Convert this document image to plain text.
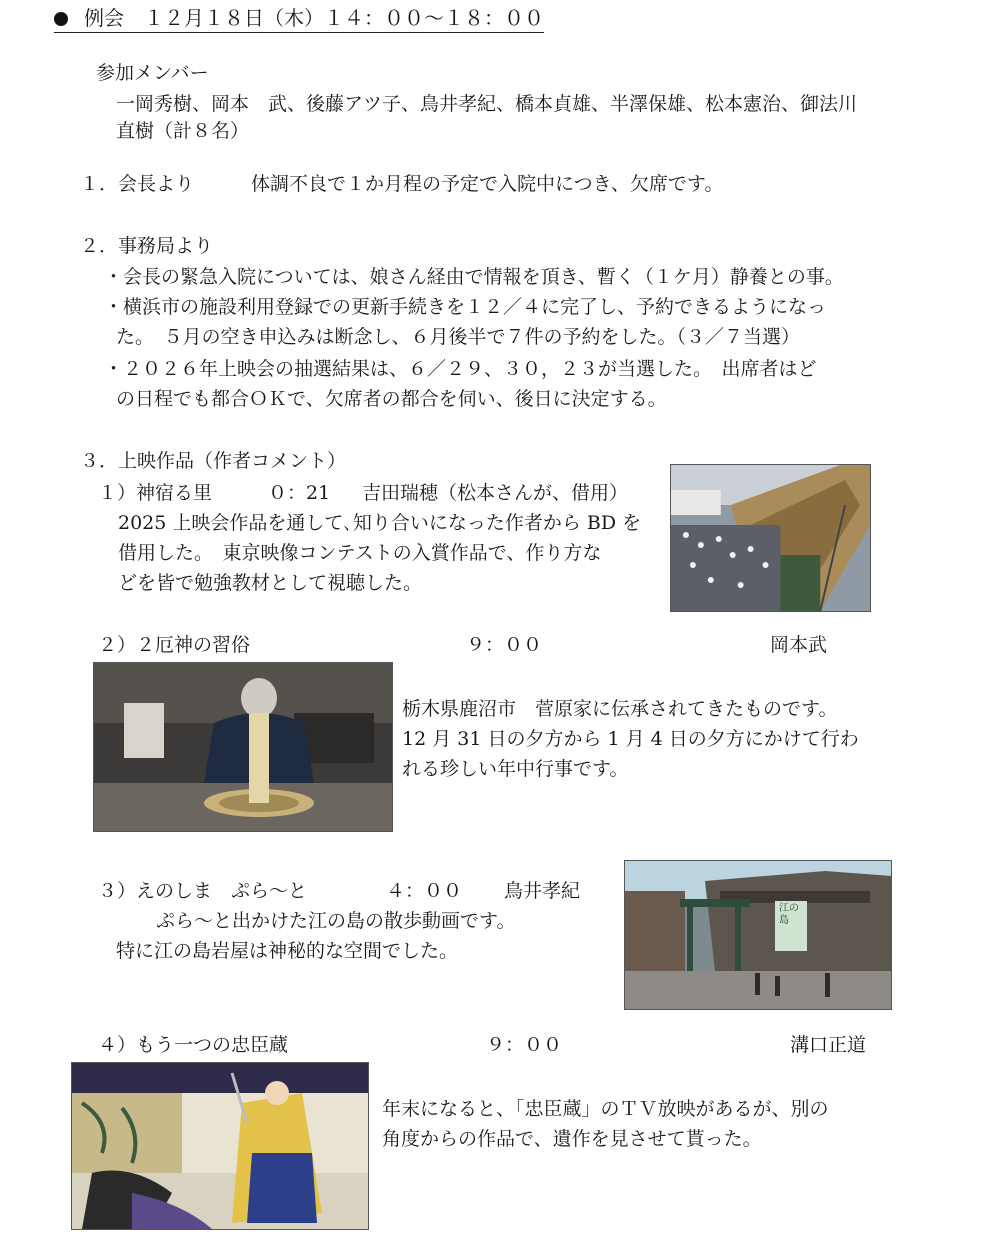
例会　１２月１８日（木）１４：００〜１８：００
参加メンバー
一岡秀樹、岡本　武、後藤アツ子、鳥井孝紀、橋本貞雄、半澤保雄、松本憲治、御法川
直樹（計８名）
１．会長より　　　体調不良で１か月程の予定で入院中につき、欠席です。
２．事務局より
・会長の緊急入院については、娘さん経由で情報を頂き、暫く（１ケ月）静養との事。
・横浜市の施設利用登録での更新手続きを１２／４に完了し、予約できるようになっ
た。　５月の空き申込みは断念し、６月後半で７件の予約をした。（３／７当選）
・２０２６年上映会の抽選結果は、６／２９、３０，２３が当選した。　出席者はど
の日程でも都合ＯＫで、欠席者の都合を伺い、後日に決定する。
３．上映作品（作者コメント）
１）神宿る里	０：21 吉田瑞穂（松本さんが、借用）
2025 上映会作品を通して､知り合いになった作者から BD を
借用した。　東京映像コンテストの入賞作品で、作り方な
どを皆で勉強教材として視聴した。
２）２厄神の習俗	９：００	岡本武
栃木県鹿沼市　菅原家に伝承されてきたものです。
12 月 31 日の夕方から 1 月 4 日の夕方にかけて行わ
れる珍しい年中行事です。
３）えのしま　ぷら〜と	４：００ 鳥井孝紀
ぷら〜と出かけた江の島の散歩動画です。
特に江の島岩屋は神秘的な空間でした。
江の島
４）もう一つの忠臣蔵	９：００	溝口正道
年末になると、「忠臣蔵」のＴＶ放映があるが、別の
角度からの作品で、遺作を見させて貰った。
